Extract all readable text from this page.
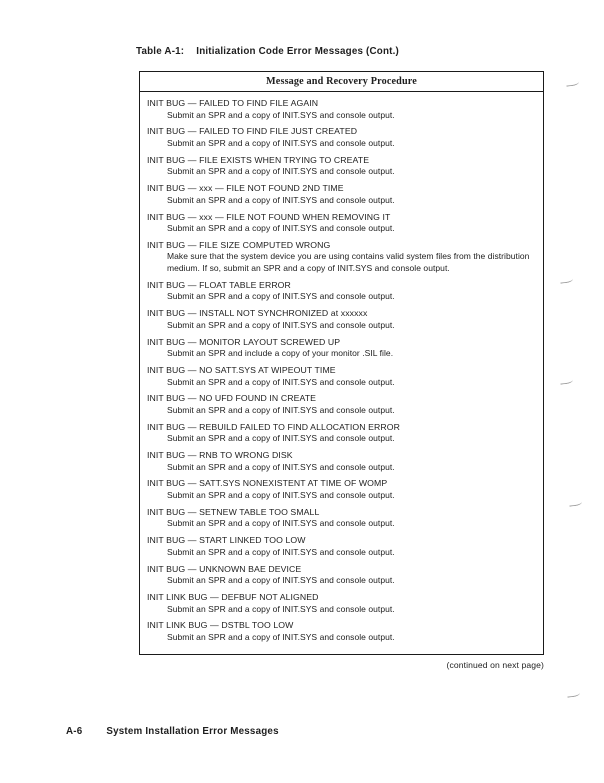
Table A-1: Initialization Code Error Messages (Cont.)
Message and Recovery Procedure
INIT BUG — FAILED TO FIND FILE AGAIN
Submit an SPR and a copy of INIT.SYS and console output.
INIT BUG — FAILED TO FIND FILE JUST CREATED
Submit an SPR and a copy of INIT.SYS and console output.
INIT BUG — FILE EXISTS WHEN TRYING TO CREATE
Submit an SPR and a copy of INIT.SYS and console output.
INIT BUG — xxx — FILE NOT FOUND 2ND TIME
Submit an SPR and a copy of INIT.SYS and console output.
INIT BUG — xxx — FILE NOT FOUND WHEN REMOVING IT
Submit an SPR and a copy of INIT.SYS and console output.
INIT BUG — FILE SIZE COMPUTED WRONG
Make sure that the system device you are using contains valid system files from the distribution medium. If so, submit an SPR and a copy of INIT.SYS and console output.
INIT BUG — FLOAT TABLE ERROR
Submit an SPR and a copy of INIT.SYS and console output.
INIT BUG — INSTALL NOT SYNCHRONIZED at xxxxxx
Submit an SPR and a copy of INIT.SYS and console output.
INIT BUG — MONITOR LAYOUT SCREWED UP
Submit an SPR and include a copy of your monitor .SIL file.
INIT BUG — NO SATT.SYS AT WIPEOUT TIME
Submit an SPR and a copy of INIT.SYS and console output.
INIT BUG — NO UFD FOUND IN CREATE
Submit an SPR and a copy of INIT.SYS and console output.
INIT BUG — REBUILD FAILED TO FIND ALLOCATION ERROR
Submit an SPR and a copy of INIT.SYS and console output.
INIT BUG — RNB TO WRONG DISK
Submit an SPR and a copy of INIT.SYS and console output.
INIT BUG — SATT.SYS NONEXISTENT AT TIME OF WOMP
Submit an SPR and a copy of INIT.SYS and console output.
INIT BUG — SETNEW TABLE TOO SMALL
Submit an SPR and a copy of INIT.SYS and console output.
INIT BUG — START LINKED TOO LOW
Submit an SPR and a copy of INIT.SYS and console output.
INIT BUG — UNKNOWN BAE DEVICE
Submit an SPR and a copy of INIT.SYS and console output.
INIT LINK BUG — DEFBUF NOT ALIGNED
Submit an SPR and a copy of INIT.SYS and console output.
INIT LINK BUG — DSTBL TOO LOW
Submit an SPR and a copy of INIT.SYS and console output.
(continued on next page)
A-6 System Installation Error Messages
